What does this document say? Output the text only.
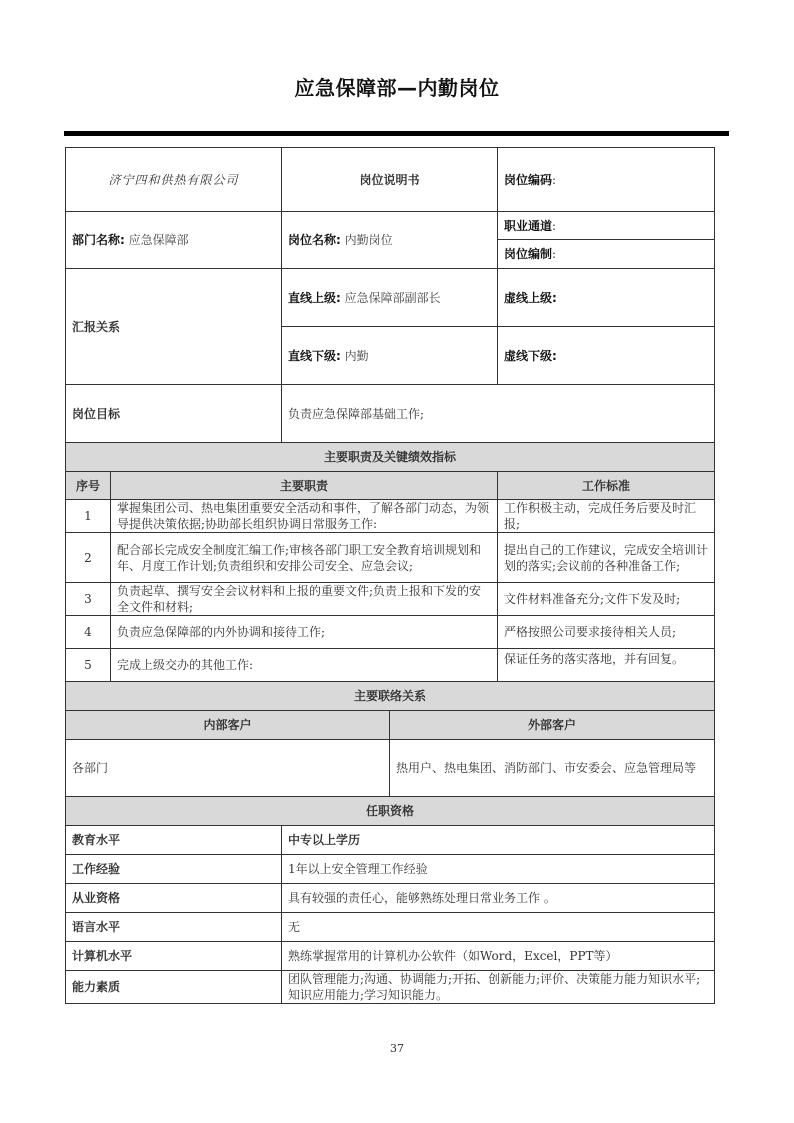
应急保障部—内勤岗位
济宁四和供热有限公司		岗位说明书		岗位编码:
部门名称: 应急保障部		岗位名称: 内勤岗位		职业通道:
				岗位编制:
汇报关系		直线上级: 应急保障部副部长		虚线上级:
		直线下级: 内勤		虚线下级:
岗位目标		负责应急保障部基础工作;		
主要职责及关键绩效指标				
序号	主要职责			工作标准
1	掌握集团公司、热电集团重要安全活动和事件，了解各部门动态，为领导提供决策依据;协助部长组织协调日常服务工作:			工作积极主动，完成任务后要及时汇报;
2	配合部长完成安全制度汇编工作;审核各部门职工安全教育培训规划和年、月度工作计划;负责组织和安排公司安全、应急会议;			提出自己的工作建议，完成安全培训计划的落实;会议前的各种准备工作;
3	负责起草、撰写安全会议材料和上报的重要文件;负责上报和下发的安全文件和材料;			文件材料准备充分;文件下发及时;
4	负责应急保障部的内外协调和接待工作;			严格按照公司要求接待相关人员;
5	完成上级交办的其他工作:			保证任务的落实落地，并有回复。
主要联络关系				
内部客户			外部客户	
各部门			热用户、热电集团、消防部门、市安委会、应急管理局等	
任职资格				
教育水平		中专以上学历		
工作经验		1年以上安全管理工作经验		
从业资格		具有较强的责任心，能够熟练处理日常业务工作 。		
语言水平		无		
计算机水平		熟练掌握常用的计算机办公软件（如Word，Excel，PPT等）		
能力素质		团队管理能力;沟通、协调能力;开拓、创新能力;评价、决策能力能力知识水平;知识应用能力;学习知识能力。		
37
